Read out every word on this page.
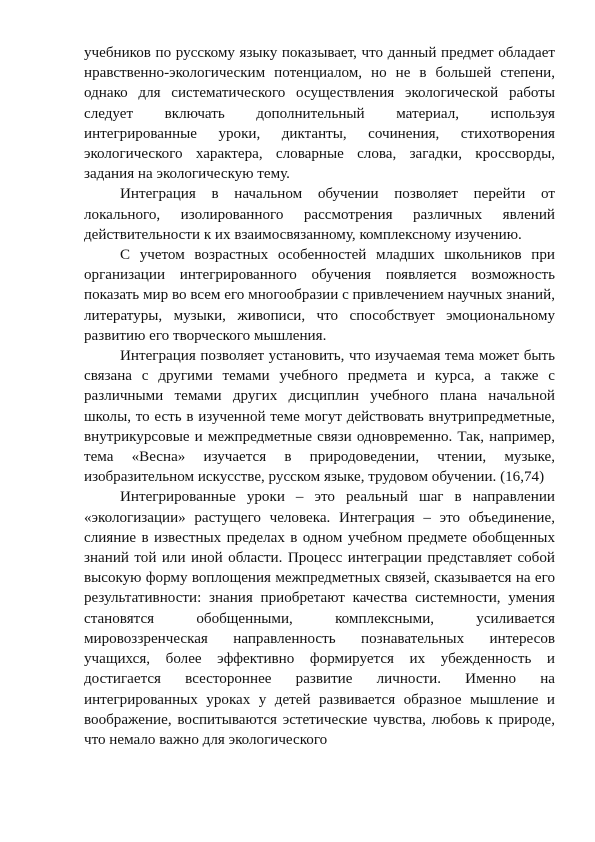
учебников по русскому языку показывает, что данный предмет обладает нравственно-экологическим потенциалом, но не в большей степени, однако для систематического осуществления экологической работы следует включать дополнительный материал, используя интегрированные уроки, диктанты, сочинения, стихотворения экологического характера, словарные слова, загадки, кроссворды, задания на экологическую тему.

Интеграция в начальном обучении позволяет перейти от локального, изолированного рассмотрения различных явлений действительности к их взаимосвязанному, комплексному изучению.

С учетом возрастных особенностей младших школьников при организации интегрированного обучения появляется возможность показать мир во всем его многообразии с привлечением научных знаний, литературы, музыки, живописи, что способствует эмоциональному развитию его творческого мышления.

Интеграция позволяет установить, что изучаемая тема может быть связана с другими темами учебного предмета и курса, а также с различными темами других дисциплин учебного плана начальной школы, то есть в изученной теме могут действовать внутрипредметные, внутрикурсовые и межпредметные связи одновременно. Так, например, тема «Весна» изучается в природоведении, чтении, музыке, изобразительном искусстве, русском языке, трудовом обучении. (16,74)

Интегрированные уроки – это реальный шаг в направлении «экологизации» растущего человека. Интеграция – это объединение, слияние в известных пределах в одном учебном предмете обобщенных знаний той или иной области. Процесс интеграции представляет собой высокую форму воплощения межпредметных связей, сказывается на его результативности: знания приобретают качества системности, умения становятся обобщенными, комплексными, усиливается мировоззренческая направленность познавательных интересов учащихся, более эффективно формируется их убежденность и достигается всестороннее развитие личности. Именно на интегрированных уроках у детей развивается образное мышление и воображение, воспитываются эстетические чувства, любовь к природе, что немало важно для экологического
